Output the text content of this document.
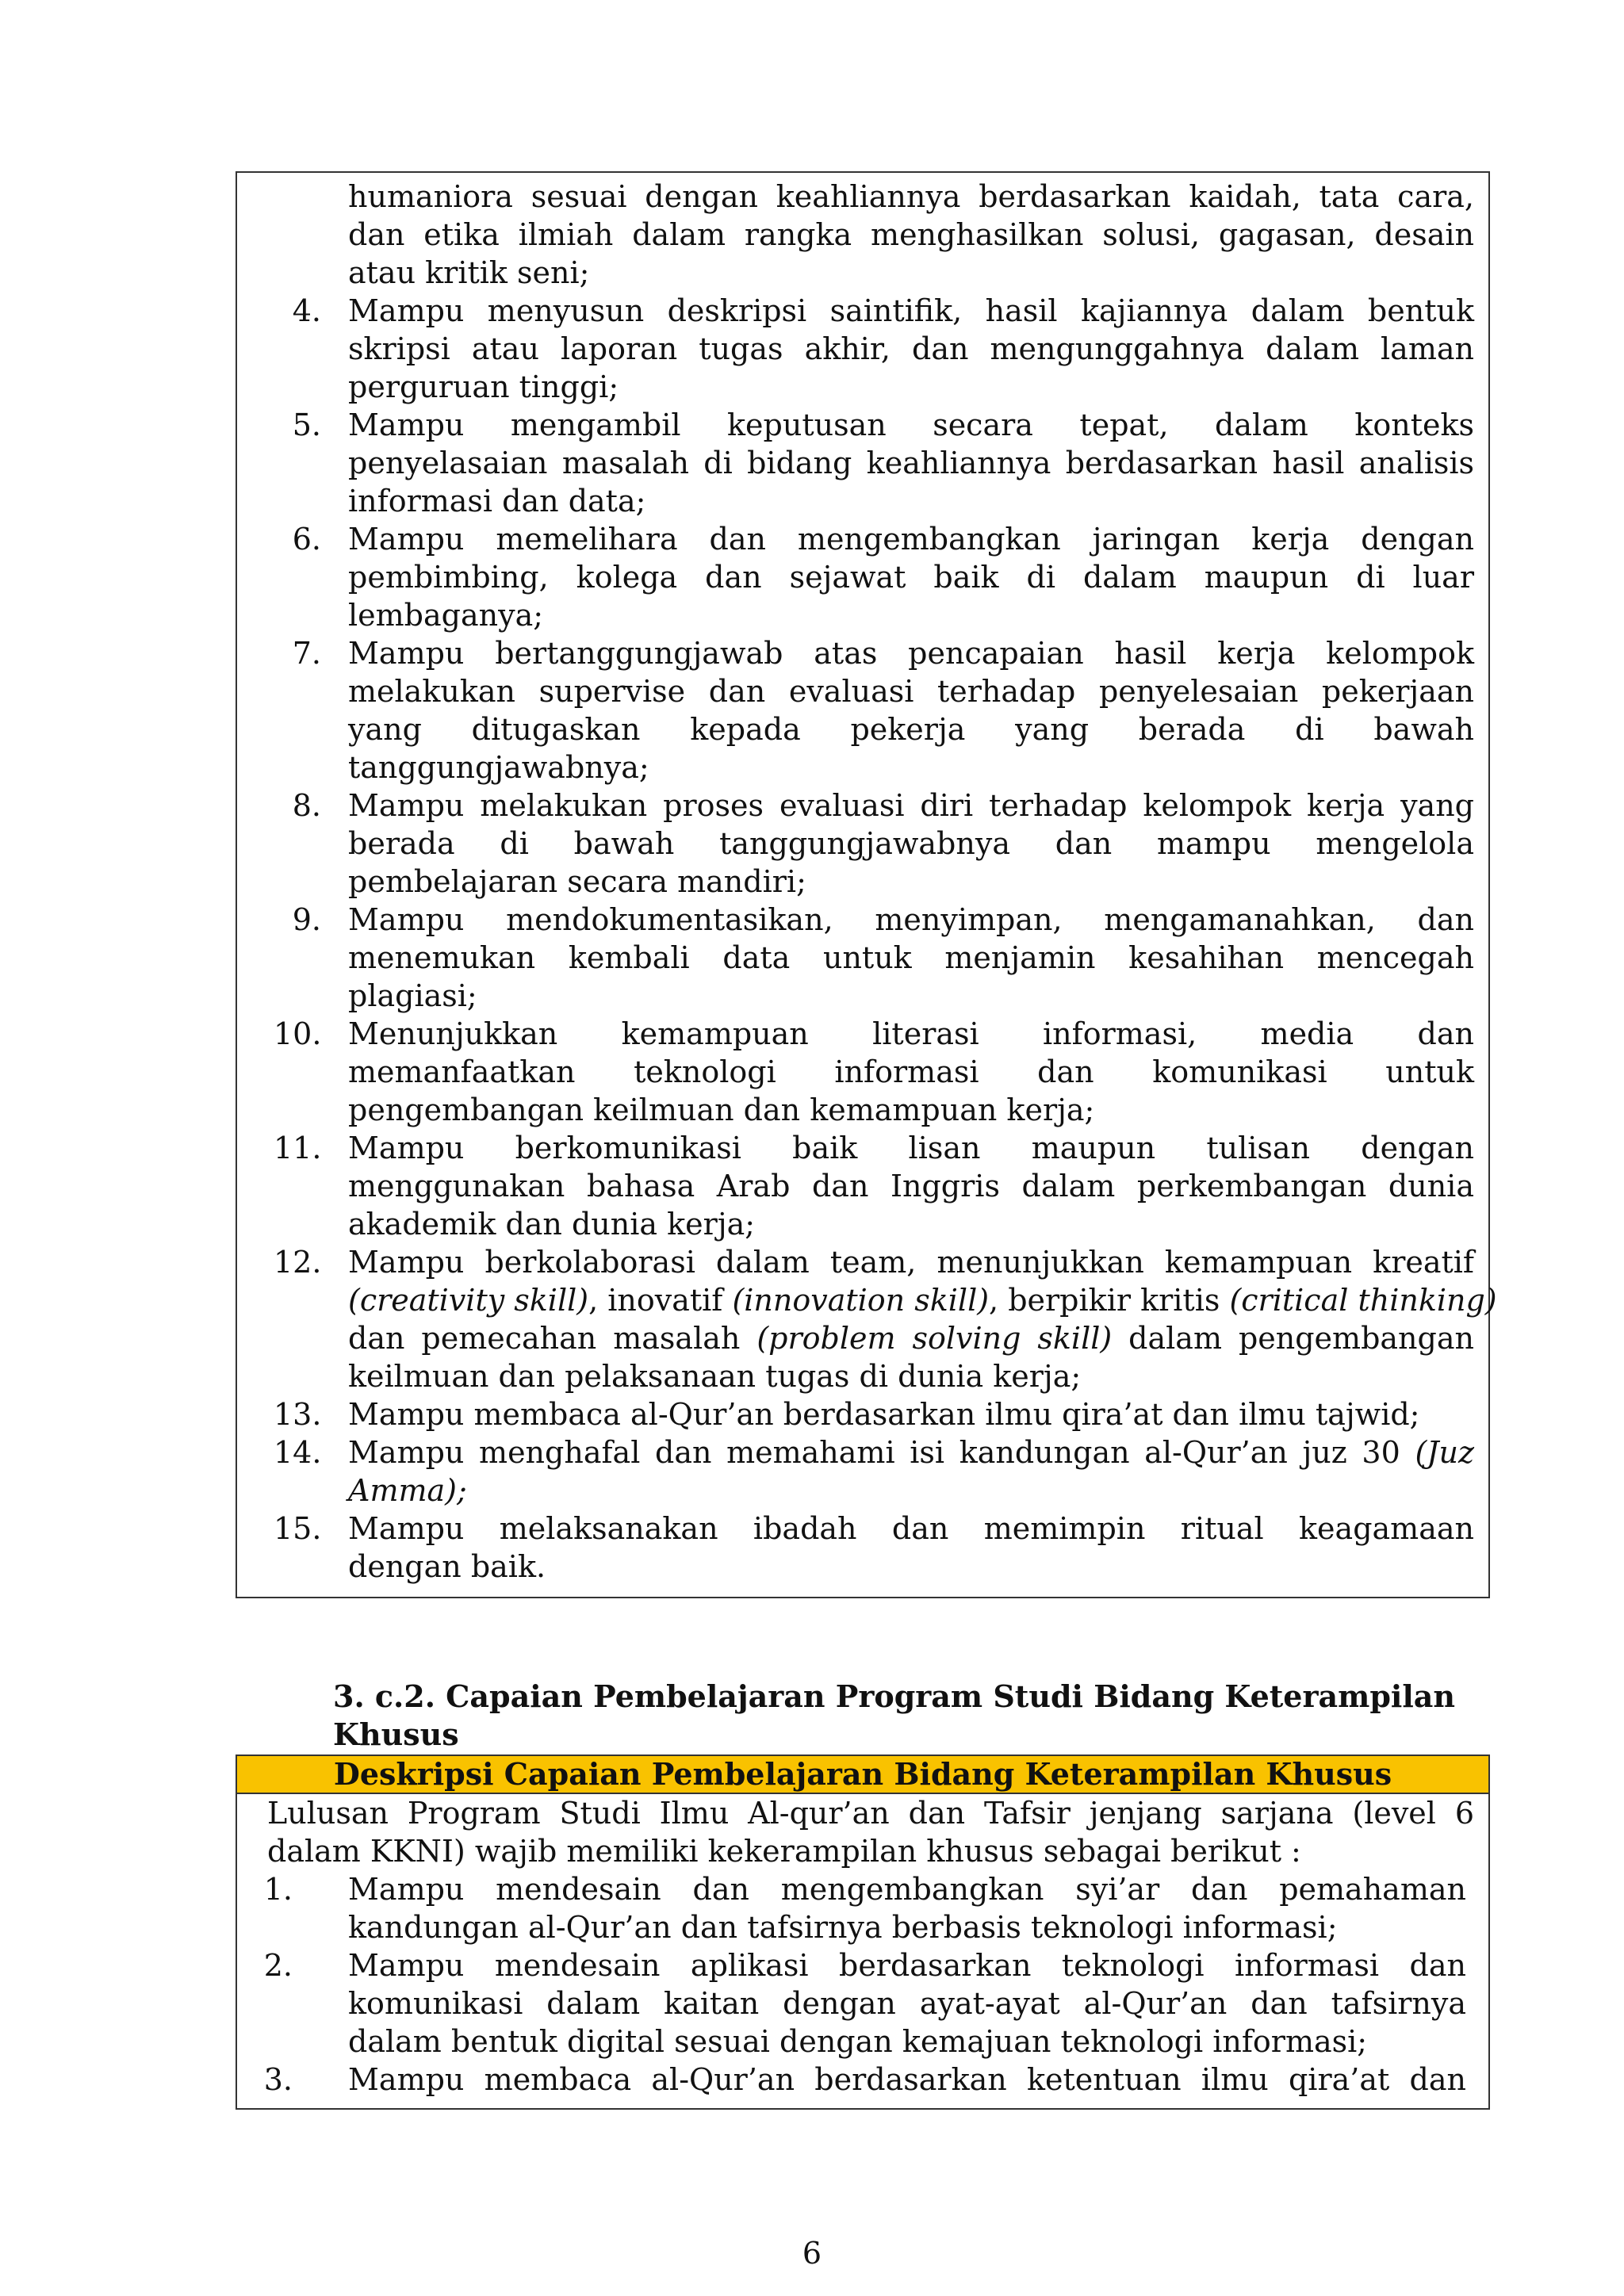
humaniora sesuai dengan keahliannya berdasarkan kaidah, tata cara,
dan etika ilmiah dalam rangka menghasilkan solusi, gagasan, desain
atau kritik seni;
4. Mampu menyusun deskripsi saintifik, hasil kajiannya dalam bentuk
skripsi atau laporan tugas akhir, dan mengunggahnya dalam laman
perguruan tinggi;
5. Mampu mengambil keputusan secara tepat, dalam konteks
penyelasaian masalah di bidang keahliannya berdasarkan hasil analisis
informasi dan data;
6. Mampu memelihara dan mengembangkan jaringan kerja dengan
pembimbing, kolega dan sejawat baik di dalam maupun di luar
lembaganya;
7. Mampu bertanggungjawab atas pencapaian hasil kerja kelompok
melakukan supervise dan evaluasi terhadap penyelesaian pekerjaan
yang ditugaskan kepada pekerja yang berada di bawah
tanggungjawabnya;
8. Mampu melakukan proses evaluasi diri terhadap kelompok kerja yang
berada di bawah tanggungjawabnya dan mampu mengelola
pembelajaran secara mandiri;
9. Mampu mendokumentasikan, menyimpan, mengamanahkan, dan
menemukan kembali data untuk menjamin kesahihan mencegah
plagiasi;
10. Menunjukkan kemampuan literasi informasi, media dan
memanfaatkan teknologi informasi dan komunikasi untuk
pengembangan keilmuan dan kemampuan kerja;
11. Mampu berkomunikasi baik lisan maupun tulisan dengan
menggunakan bahasa Arab dan Inggris dalam perkembangan dunia
akademik dan dunia kerja;
12. Mampu berkolaborasi dalam team, menunjukkan kemampuan kreatif
(creativity skill), inovatif (innovation skill), berpikir kritis (critical thinking)
dan pemecahan masalah (problem solving skill) dalam pengembangan
keilmuan dan pelaksanaan tugas di dunia kerja;
13. Mampu membaca al-Qur’an berdasarkan ilmu qira’at dan ilmu tajwid;
14. Mampu menghafal dan memahami isi kandungan al-Qur’an juz 30 (Juz
Amma);
15. Mampu melaksanakan ibadah dan memimpin ritual keagamaan
dengan baik.
3. c.2. Capaian Pembelajaran Program Studi Bidang Keterampilan
Khusus
Deskripsi Capaian Pembelajaran Bidang Keterampilan Khusus
Lulusan Program Studi Ilmu Al-qur’an dan Tafsir jenjang sarjana (level 6
dalam KKNI) wajib memiliki kekerampilan khusus sebagai berikut :
1. Mampu mendesain dan mengembangkan syi’ar dan pemahaman
kandungan al-Qur’an dan tafsirnya berbasis teknologi informasi;
2. Mampu mendesain aplikasi berdasarkan teknologi informasi dan
komunikasi dalam kaitan dengan ayat-ayat al-Qur’an dan tafsirnya
dalam bentuk digital sesuai dengan kemajuan teknologi informasi;
3. Mampu membaca al-Qur’an berdasarkan ketentuan ilmu qira’at dan
6
